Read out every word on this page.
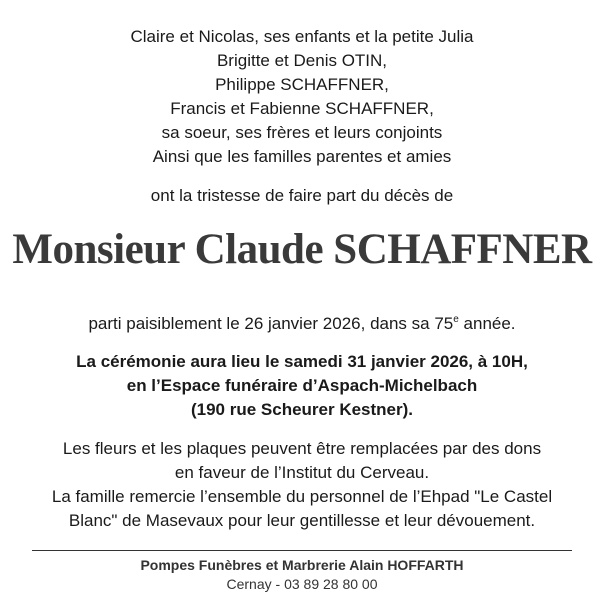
Claire et Nicolas, ses enfants et la petite Julia
Brigitte et Denis OTIN,
Philippe SCHAFFNER,
Francis et Fabienne SCHAFFNER,
sa soeur, ses frères et leurs conjoints
Ainsi que les familles parentes et amies
ont la tristesse de faire part du décès de
Monsieur Claude SCHAFFNER
parti paisiblement le 26 janvier 2026, dans sa 75e année.
La cérémonie aura lieu le samedi 31 janvier 2026, à 10H,
en l’Espace funéraire d’Aspach-Michelbach
(190 rue Scheurer Kestner).
Les fleurs et les plaques peuvent être remplacées par des dons
en faveur de l’Institut du Cerveau.
La famille remercie l’ensemble du personnel de l’Ehpad "Le Castel
Blanc" de Masevaux pour leur gentillesse et leur dévouement.
Pompes Funèbres et Marbrerie Alain HOFFARTH
Cernay - 03 89 28 80 00
